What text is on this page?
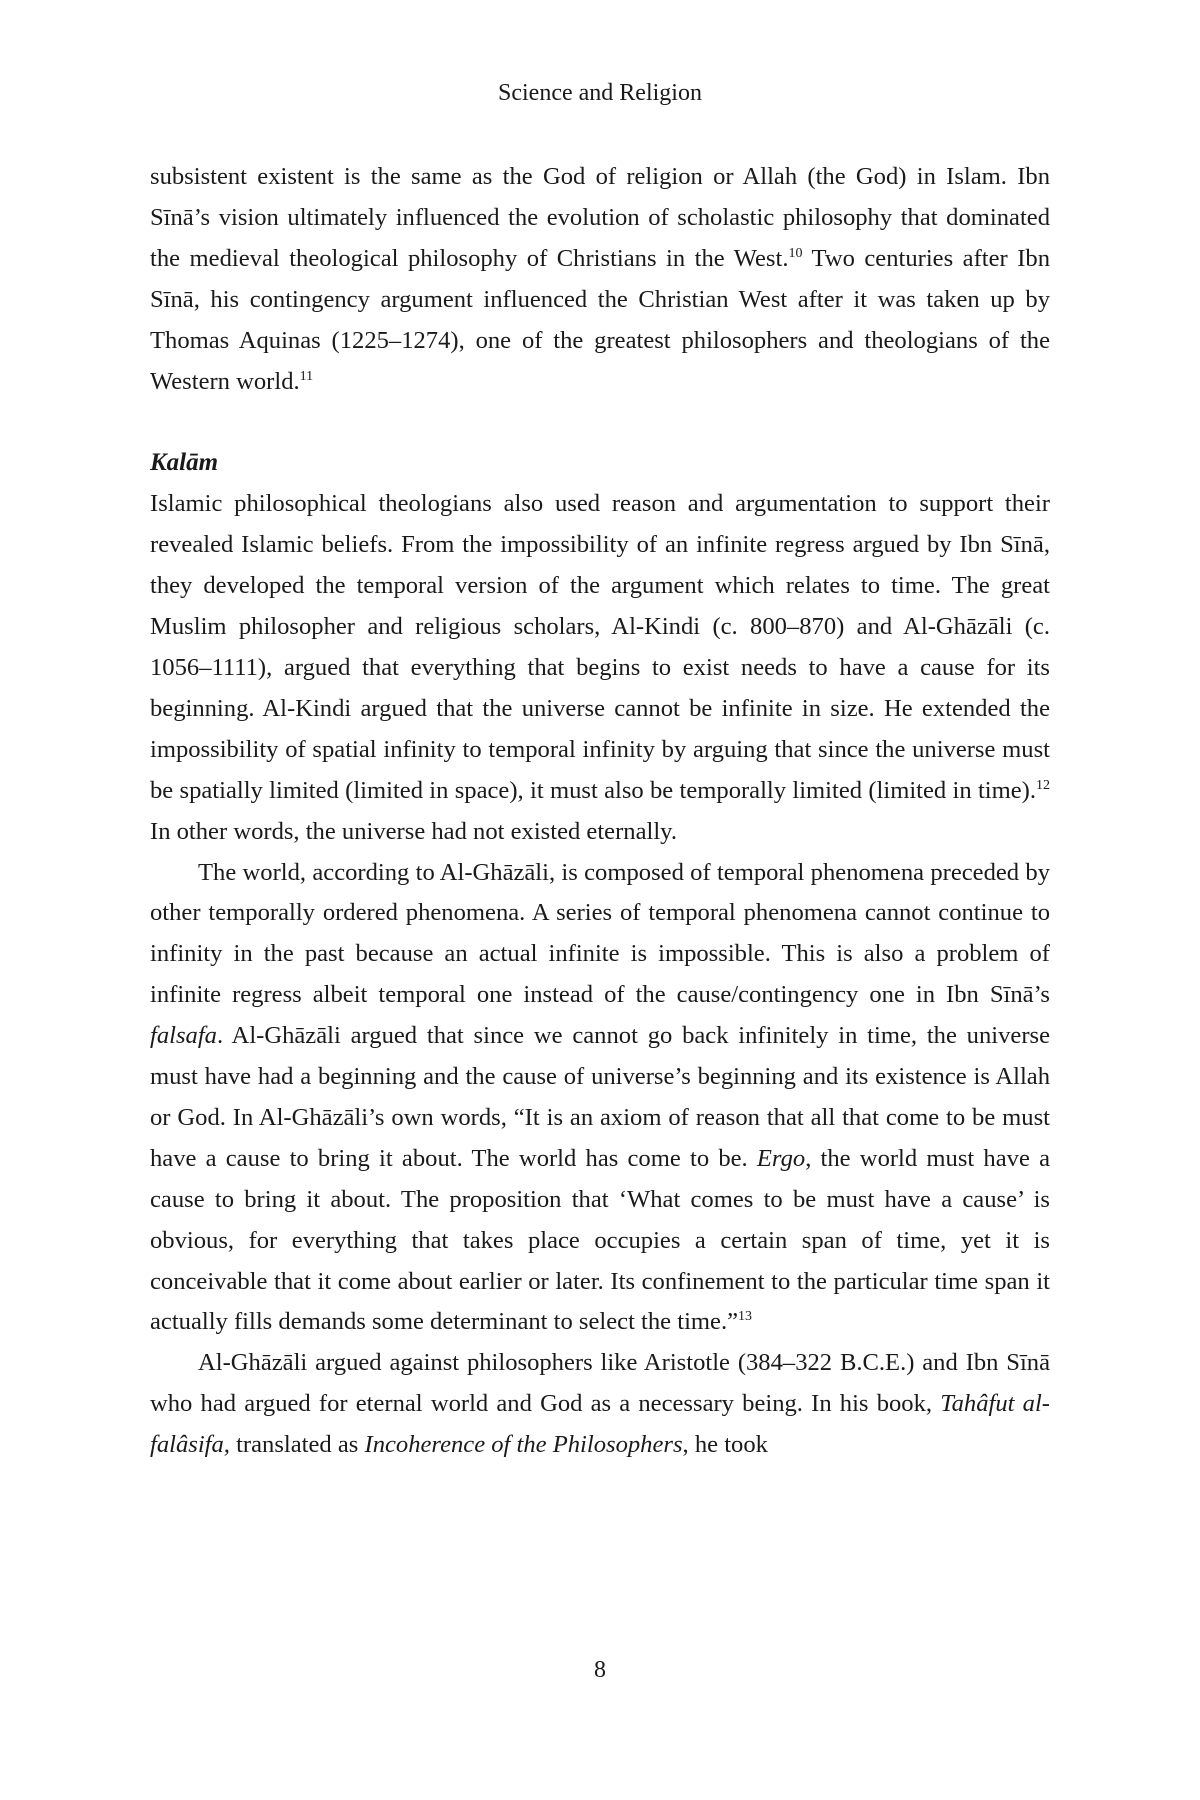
Science and Religion

subsistent existent is the same as the God of religion or Allah (the God) in Islam. Ibn Sīnā’s vision ultimately influenced the evolution of scholastic philosophy that dominated the medieval theological philosophy of Christians in the West.$^{10}$ Two centuries after Ibn Sīnā, his contingency argument influenced the Christian West after it was taken up by Thomas Aquinas (1225–1274), one of the greatest philosophers and theologians of the Western world.$^{11}$

Kalām

Islamic philosophical theologians also used reason and argumentation to support their revealed Islamic beliefs. From the impossibility of an infinite regress argued by Ibn Sīnā, they developed the temporal version of the argument which relates to time. The great Muslim philosopher and religious scholars, Al-Kindi (c. 800–870) and Al-Ghāzāli (c. 1056–1111), argued that everything that begins to exist needs to have a cause for its beginning. Al-Kindi argued that the universe cannot be infinite in size. He extended the impossibility of spatial infinity to temporal infinity by arguing that since the universe must be spatially limited (limited in space), it must also be temporally limited (limited in time).$^{12}$ In other words, the universe had not existed eternally.

The world, according to Al-Ghāzāli, is composed of temporal phenomena preceded by other temporally ordered phenomena. A series of temporal phenomena cannot continue to infinity in the past because an actual infinite is impossible. This is also a problem of infinite regress albeit temporal one instead of the cause/contingency one in Ibn Sīnā’s falsafa. Al-Ghāzāli argued that since we cannot go back infinitely in time, the universe must have had a beginning and the cause of universe’s beginning and its existence is Allah or God. In Al-Ghāzāli’s own words, “It is an axiom of reason that all that come to be must have a cause to bring it about. The world has come to be. Ergo, the world must have a cause to bring it about. The proposition that ‘What comes to be must have a cause’ is obvious, for everything that takes place occupies a certain span of time, yet it is conceivable that it come about earlier or later. Its confinement to the particular time span it actually fills demands some determinant to select the time.”$^{13}$

Al-Ghāzāli argued against philosophers like Aristotle (384–322 B.C.E.) and Ibn Sīnā who had argued for eternal world and God as a necessary being. In his book, Tahâfut al-falâsifa, translated as Incoherence of the Philosophers, he took

8
